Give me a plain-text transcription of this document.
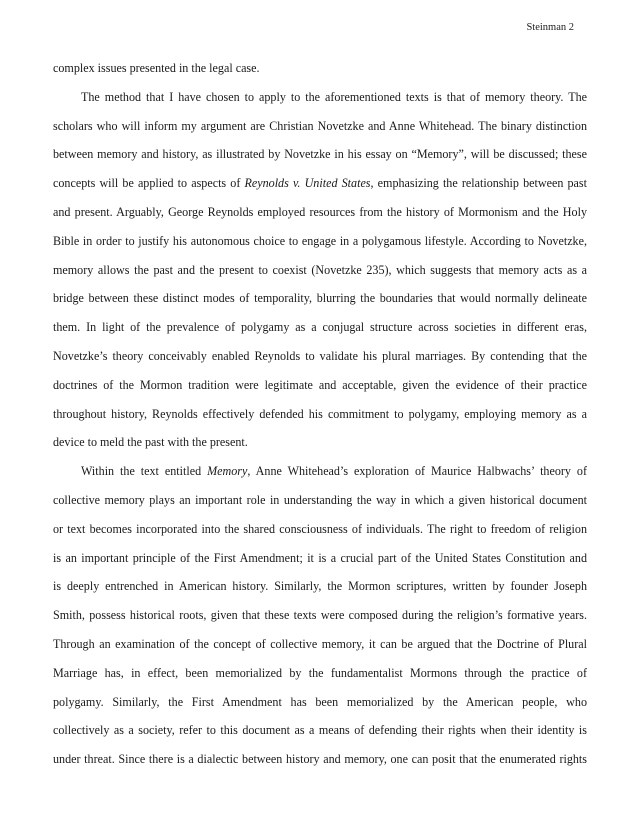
Steinman 2
complex issues presented in the legal case.
The method that I have chosen to apply to the aforementioned texts is that of memory theory. The
scholars who will inform my argument are Christian Novetzke and Anne Whitehead. The binary distinction
between memory and history, as illustrated by Novetzke in his essay on “Memory”, will be discussed; these
concepts will be applied to aspects of Reynolds v. United States, emphasizing the relationship between past
and present. Arguably, George Reynolds employed resources from the history of Mormonism and the Holy
Bible in order to justify his autonomous choice to engage in a polygamous lifestyle. According to Novetzke,
memory allows the past and the present to coexist (Novetzke 235), which suggests that memory acts as a
bridge between these distinct modes of temporality, blurring the boundaries that would normally delineate
them. In light of the prevalence of polygamy as a conjugal structure across societies in different eras,
Novetzke’s theory conceivably enabled Reynolds to validate his plural marriages. By contending that the
doctrines of the Mormon tradition were legitimate and acceptable, given the evidence of their practice
throughout history, Reynolds effectively defended his commitment to polygamy, employing memory as a
device to meld the past with the present.
Within the text entitled Memory, Anne Whitehead’s exploration of Maurice Halbwachs’ theory of
collective memory plays an important role in understanding the way in which a given historical document
or text becomes incorporated into the shared consciousness of individuals. The right to freedom of religion
is an important principle of the First Amendment; it is a crucial part of the United States Constitution and
is deeply entrenched in American history. Similarly, the Mormon scriptures, written by founder Joseph
Smith, possess historical roots, given that these texts were composed during the religion’s formative years.
Through an examination of the concept of collective memory, it can be argued that the Doctrine of Plural
Marriage has, in effect, been memorialized by the fundamentalist Mormons through the practice of
polygamy. Similarly, the First Amendment has been memorialized by the American people, who
collectively as a society, refer to this document as a means of defending their rights when their identity is
under threat. Since there is a dialectic between history and memory, one can posit that the enumerated rights
